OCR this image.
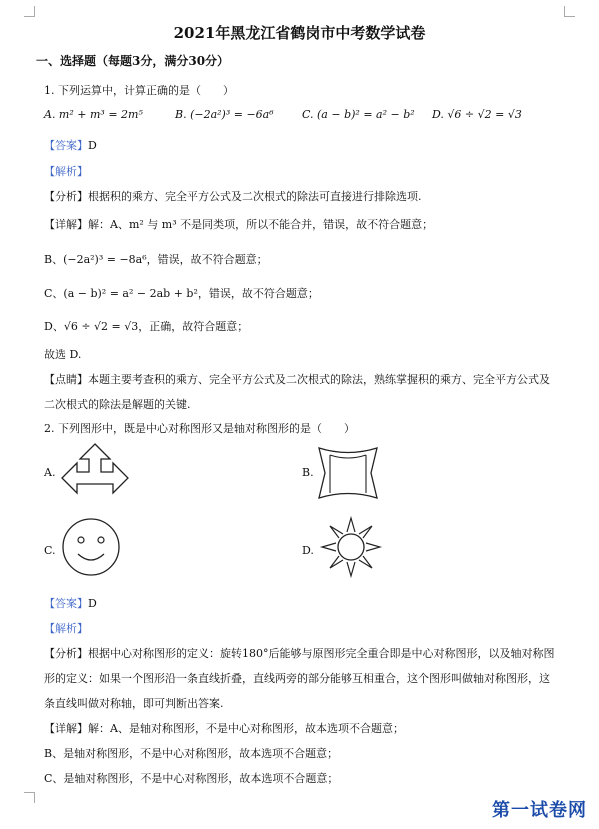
2021年黑龙江省鹤岗市中考数学试卷
一、选择题（每题3分，满分30分）
1. 下列运算中，计算正确的是（　　）
A. m² + m³ = 2m⁵	B. (−2a²)³ = −6a⁶	C. (a − b)² = a² − b² D. √6 ÷ √2 = √3
【答案】D
【解析】
【分析】根据积的乘方、完全平方公式及二次根式的除法可直接进行排除选项.
【详解】解：A、m² 与 m³ 不是同类项，所以不能合并，错误，故不符合题意；
B、(−2a²)³ = −8a⁶，错误，故不符合题意；
C、(a − b)² = a² − 2ab + b²，错误，故不符合题意；
D、√6 ÷ √2 = √3，正确，故符合题意；
故选 D.
【点睛】本题主要考查积的乘方、完全平方公式及二次根式的除法，熟练掌握积的乘方、完全平方公式及
二次根式的除法是解题的关键.
2. 下列图形中，既是中心对称图形又是轴对称图形的是（　　）
A.	B.
C.	D.
【答案】D
【解析】
【分析】根据中心对称图形的定义：旋转180°后能够与原图形完全重合即是中心对称图形，以及轴对称图
形的定义：如果一个图形沿一条直线折叠，直线两旁的部分能够互相重合，这个图形叫做轴对称图形，这
条直线叫做对称轴，即可判断出答案.
【详解】解：A、是轴对称图形，不是中心对称图形，故本选项不合题意；
B、是轴对称图形，不是中心对称图形，故本选项不合题意；
C、是轴对称图形，不是中心对称图形，故本选项不合题意；
第一试卷网
